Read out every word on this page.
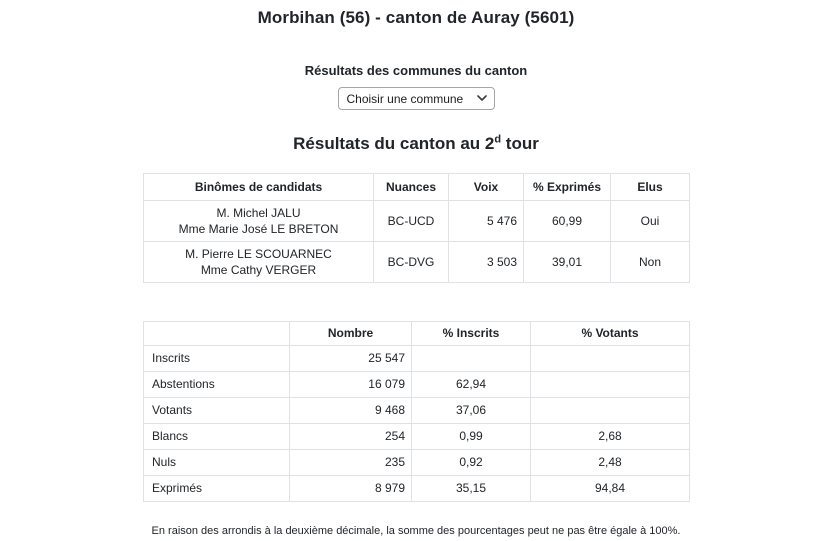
Morbihan (56) - canton de Auray (5601)
Résultats des communes du canton
Choisir une commune
Résultats du canton au 2$^d$ tour
Binômes de candidats	Nuances	Voix	% Exprimés	Elus

M. Michel JALU
Mme Marie José LE BRETON	BC-UCD	5 476	60,99	Oui

M. Pierre LE SCOUARNEC
Mme Cathy VERGER	BC-DVG	3 503	39,01	Non
	Nombre	% Inscrits	% Votants
Inscrits	25 547		
Abstentions	16 079	62,94	
Votants	9 468	37,06	
Blancs	254	0,99	2,68
Nuls	235	0,92	2,48
Exprimés	8 979	35,15	94,84
En raison des arrondis à la deuxième décimale, la somme des pourcentages peut ne pas être égale à 100%.
